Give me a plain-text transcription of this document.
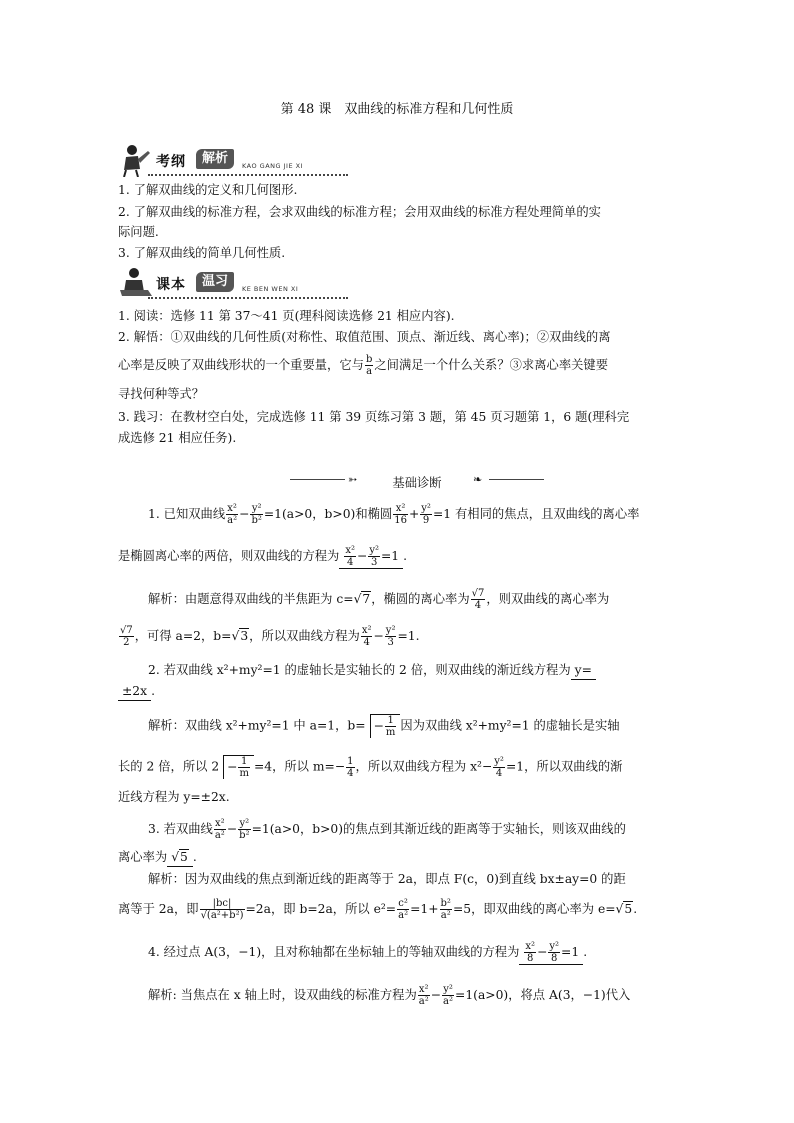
第 48 课　双曲线的标准方程和几何性质
考纲	解析	KAO GANG JIE XI
1. 了解双曲线的定义和几何图形.
2. 了解双曲线的标准方程，会求双曲线的标准方程；会用双曲线的标准方程处理简单的实
际问题.
3. 了解双曲线的简单几何性质.
课本	温习	KE BEN WEN XI
1. 阅读：选修 11 第 37～41 页(理科阅读选修 21 相应内容).
2. 解悟：①双曲线的几何性质(对称性、取值范围、顶点、渐近线、离心率)；②双曲线的离
心率是反映了双曲线形状的一个重要量，它与 $\frac{b}{a}$ 之间满足一个什么关系？③求离心率关键要
寻找何种等式？
3. 践习：在教材空白处，完成选修 11 第 39 页练习第 3 题，第 45 页习题第 1，6 题(理科完
成选修 21 相应任务).
➳	基础诊断	❧
1. 已知双曲线 $\frac{\text{x²}}{\text{a²}} - \frac{\text{y²}}{\text{b²}} =1(a>0$，b>0)和椭圆 $\frac{\text{x²}}{16} + \frac{\text{y²}}{9} =1$ 有相同的焦点，且双曲线的离心率
是椭圆离心率的两倍，则双曲线的方程为 $\frac{\text{x²}}{4} - \frac{\text{y²}}{3} =1$ .
解析：由题意得双曲线的半焦距为 c=√7，椭圆的离心率为 $\frac{√7}{4}$ ，则双曲线的离心率为
$\frac{√7}{2}$ ，可得 a=2，b=√3，所以双曲线方程为 $\frac{\text{x²}}{4} - \frac{\text{y²}}{3} =1$.
2. 若双曲线 x²+my²=1 的虚轴长是实轴长的 2 倍，则双曲线的渐近线方程为 y=
±2x .
解析：双曲线 x²+my²=1 中 a=1，$b= - \frac{1}{m}$ 因为双曲线 x²+my²=1 的虚轴长是实轴
长的 2 倍，所以 $2 - \frac{1}{m} =4$，所以 $m=- \frac{1}{4}$ ，所以双曲线方程为 $x^2- \frac{\text{y²}}{4} =1$，所以双曲线的渐
近线方程为 y=±2x.
3. 若双曲线 $\frac{\text{x²}}{\text{a²}} - \frac{\text{y²}}{\text{b²}} =1(a>0$，b>0)的焦点到其渐近线的距离等于实轴长，则该双曲线的
离心率为 √5 .
解析：因为双曲线的焦点到渐近线的距离等于 2a，即点 F(c，0)到直线 bx±ay=0 的距
离等于 2a，即 $\frac{|bc|}{\text{√(a²+b²)}} =2a$，即 b=2a，所以 $e^2= \frac{\text{c²}}{\text{a²}} =1+ \frac{\text{b²}}{\text{a²}} =5$，即双曲线的离心率为 e=√5.
4. 经过点 A(3，−1)，且对称轴都在坐标轴上的等轴双曲线的方程为 $\frac{\text{x²}}{8} - \frac{\text{y²}}{8} =1$ .
解析: 当焦点在 x 轴上时，设双曲线的标准方程为 $\frac{\text{x²}}{\text{a²}} - \frac{\text{y²}}{\text{a²}} =1(a>0)$，将点 A(3，−1)代入
